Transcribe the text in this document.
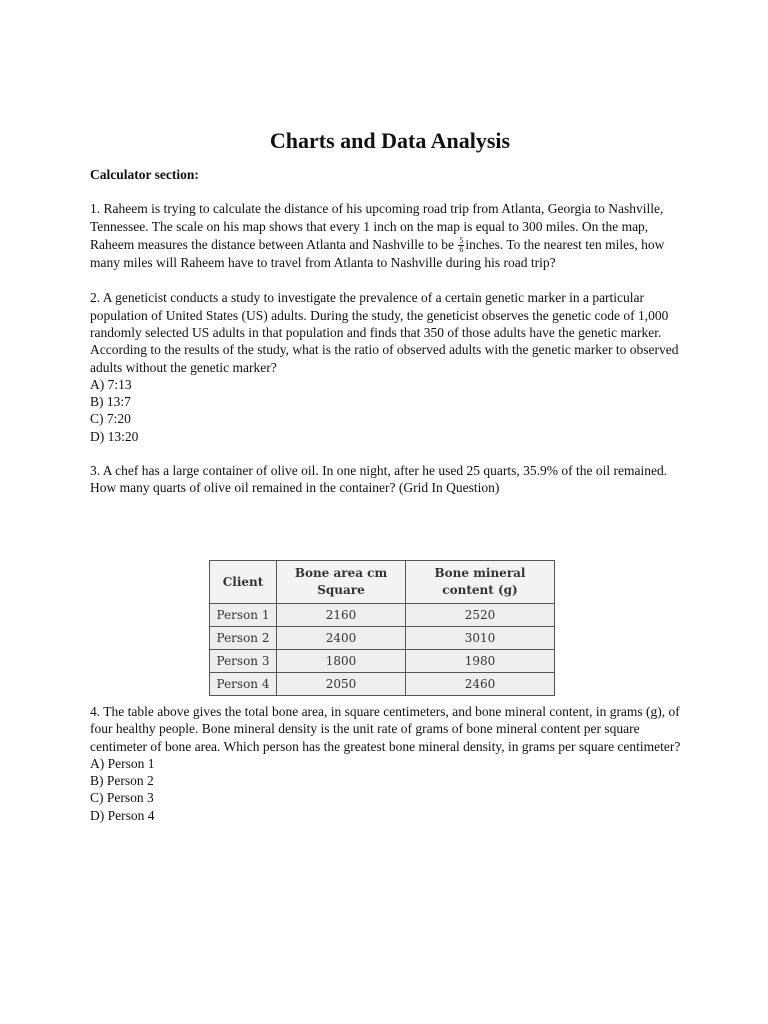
Charts and Data Analysis

Calculator section:

1. Raheem is trying to calculate the distance of his upcoming road trip from Atlanta, Georgia to Nashville, Tennessee. The scale on his map shows that every 1 inch on the map is equal to 300 miles. On the map, Raheem measures the distance between Atlanta and Nashville to be $\frac{5}{6}$ inches. To the nearest ten miles, how many miles will Raheem have to travel from Atlanta to Nashville during his road trip?

2. A geneticist conducts a study to investigate the prevalence of a certain genetic marker in a particular population of United States (US) adults. During the study, the geneticist observes the genetic code of 1,000 randomly selected US adults in that population and finds that 350 of those adults have the genetic marker. According to the results of the study, what is the ratio of observed adults with the genetic marker to observed adults without the genetic marker?

A) 7:13
B) 13:7
C) 7:20
D) 13:20

3. A chef has a large container of olive oil. In one night, after he used 25 quarts, 35.9% of the oil remained. How many quarts of olive oil remained in the container? (Grid In Question)

Client	Bone area cm Square	Bone mineral content (g)
Person 1	2160	2520
Person 2	2400	3010
Person 3	1800	1980
Person 4	2050	2460

4. The table above gives the total bone area, in square centimeters, and bone mineral content, in grams (g), of four healthy people. Bone mineral density is the unit rate of grams of bone mineral content per square centimeter of bone area. Which person has the greatest bone mineral density, in grams per square centimeter?

A) Person 1
B) Person 2
C) Person 3
D) Person 4
